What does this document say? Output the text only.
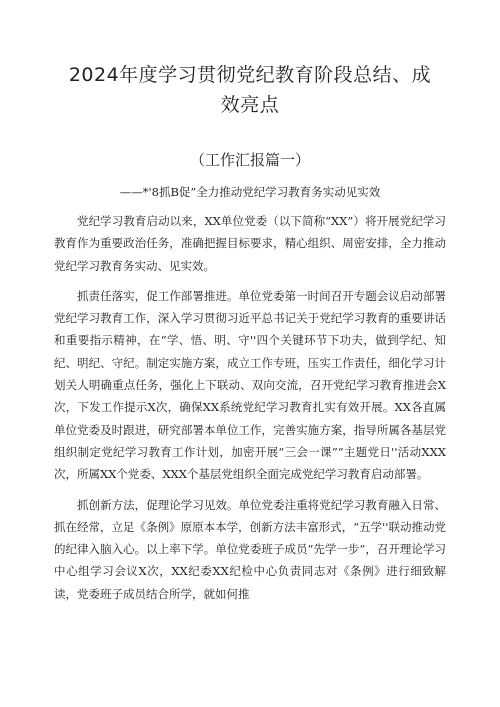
2024年度学习贯彻党纪教育阶段总结、成效亮点
（工作汇报篇一）
——*'8抓B促”全力推动党纪学习教育务实动见实效

党纪学习教育启动以来，XX单位党委（以下简称“XX”）将开展党纪学习教育作为重要政治任务，准确把握目标要求，精心组织、周密安排，全力推动党纪学习教育务实动、见实效。

抓责任落实，促工作部署推进。单位党委第一时间召开专题会议启动部署党纪学习教育工作，深入学习贯彻习近平总书记关于党纪学习教育的重要讲话和重要指示精神，在“学、悟、明、守''四个关键环节下功夫，做到学纪、知纪、明纪、守纪。制定实施方案，成立工作专班，压实工作责任，细化学习计划关人明确重点任务，强化上下联动、双向交流，召开党纪学习教育推进会X次，下发工作提示X次，确保XX系统党纪学习教育扎实有效开展。XX各直属单位党委及时跟进，研究部署本单位工作，完善实施方案，指导所属各基层党组织制定党纪学习教育工作计划，加密开展“三会一课”“主题党日''活动XXX次，所属XX个党委、XXX个基层党组织全面完成党纪学习教育启动部署。

抓创新方法，促理论学习见效。单位党委注重将党纪学习教育融入日常、抓在经常，立足《条例》原原本本学，创新方法丰富形式，“五学''联动推动党的纪律入脑入心。以上率下学。单位党委班子成员“先学一步”，召开理论学习中心组学习会议X次，XX纪委XX纪检中心负责同志对《条例》进行细致解读，党委班子成员结合所学，就如何推
